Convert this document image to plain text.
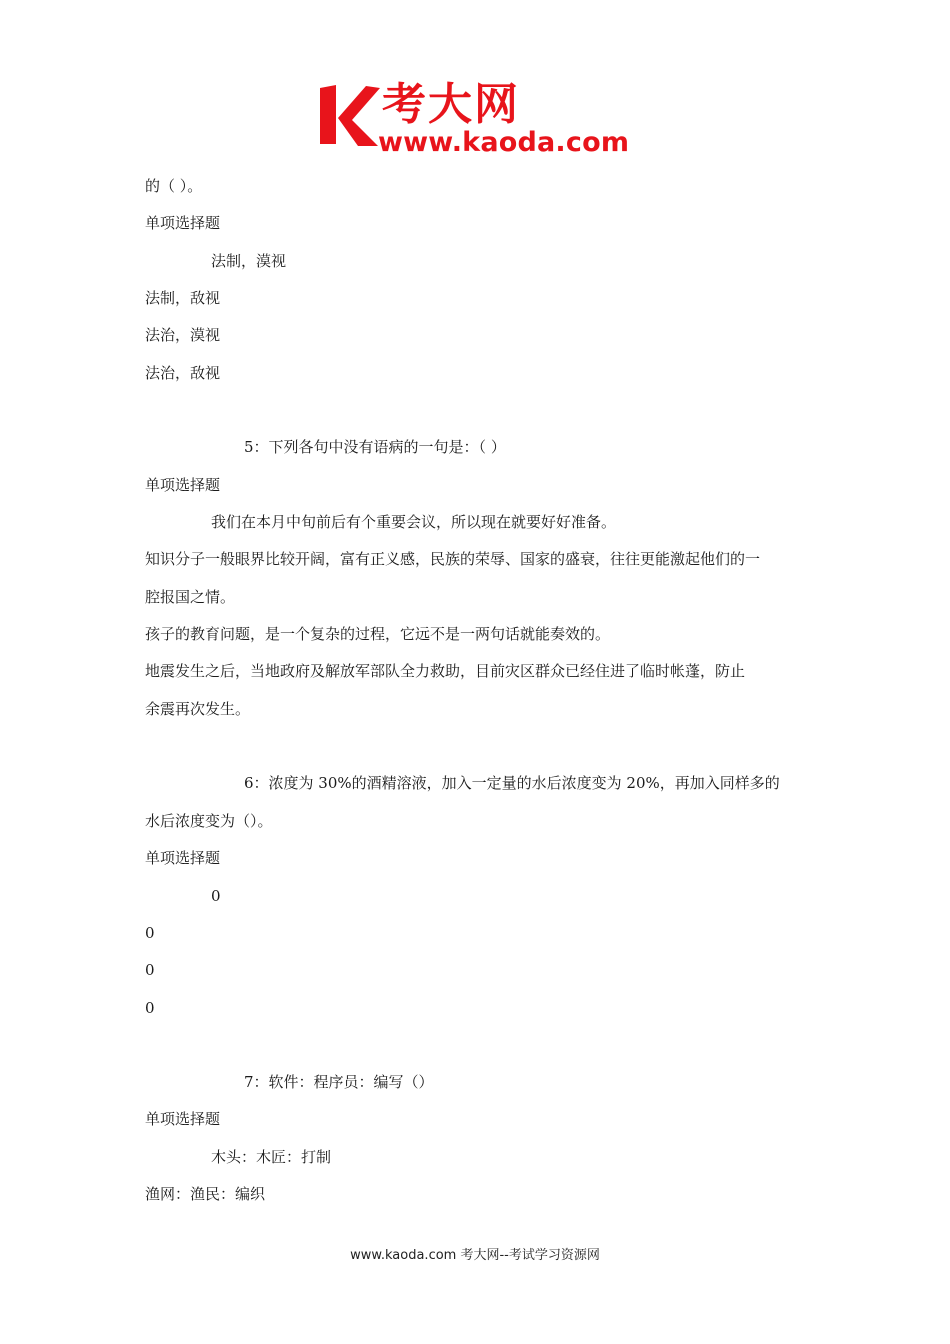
考大网
www.kaoda.com
的（ ）。
单项选择题
法制，漠视
法制，敌视
法治，漠视
法治，敌视
5：下列各句中没有语病的一句是：（ ）
单项选择题
我们在本月中旬前后有个重要会议，所以现在就要好好准备。
知识分子一般眼界比较开阔，富有正义感，民族的荣辱、国家的盛衰，往往更能激起他们的一
腔报国之情。
孩子的教育问题，是一个复杂的过程，它远不是一两句话就能奏效的。
地震发生之后，当地政府及解放军部队全力救助，目前灾区群众已经住进了临时帐蓬，防止
余震再次发生。
6：浓度为 30%的酒精溶液，加入一定量的水后浓度变为 20%，再加入同样多的
水后浓度变为（）。
单项选择题
0
0
0
0
7：软件：程序员：编写（）
单项选择题
木头：木匠：打制
渔网：渔民：编织
www.kaoda.com 考大网--考试学习资源网
